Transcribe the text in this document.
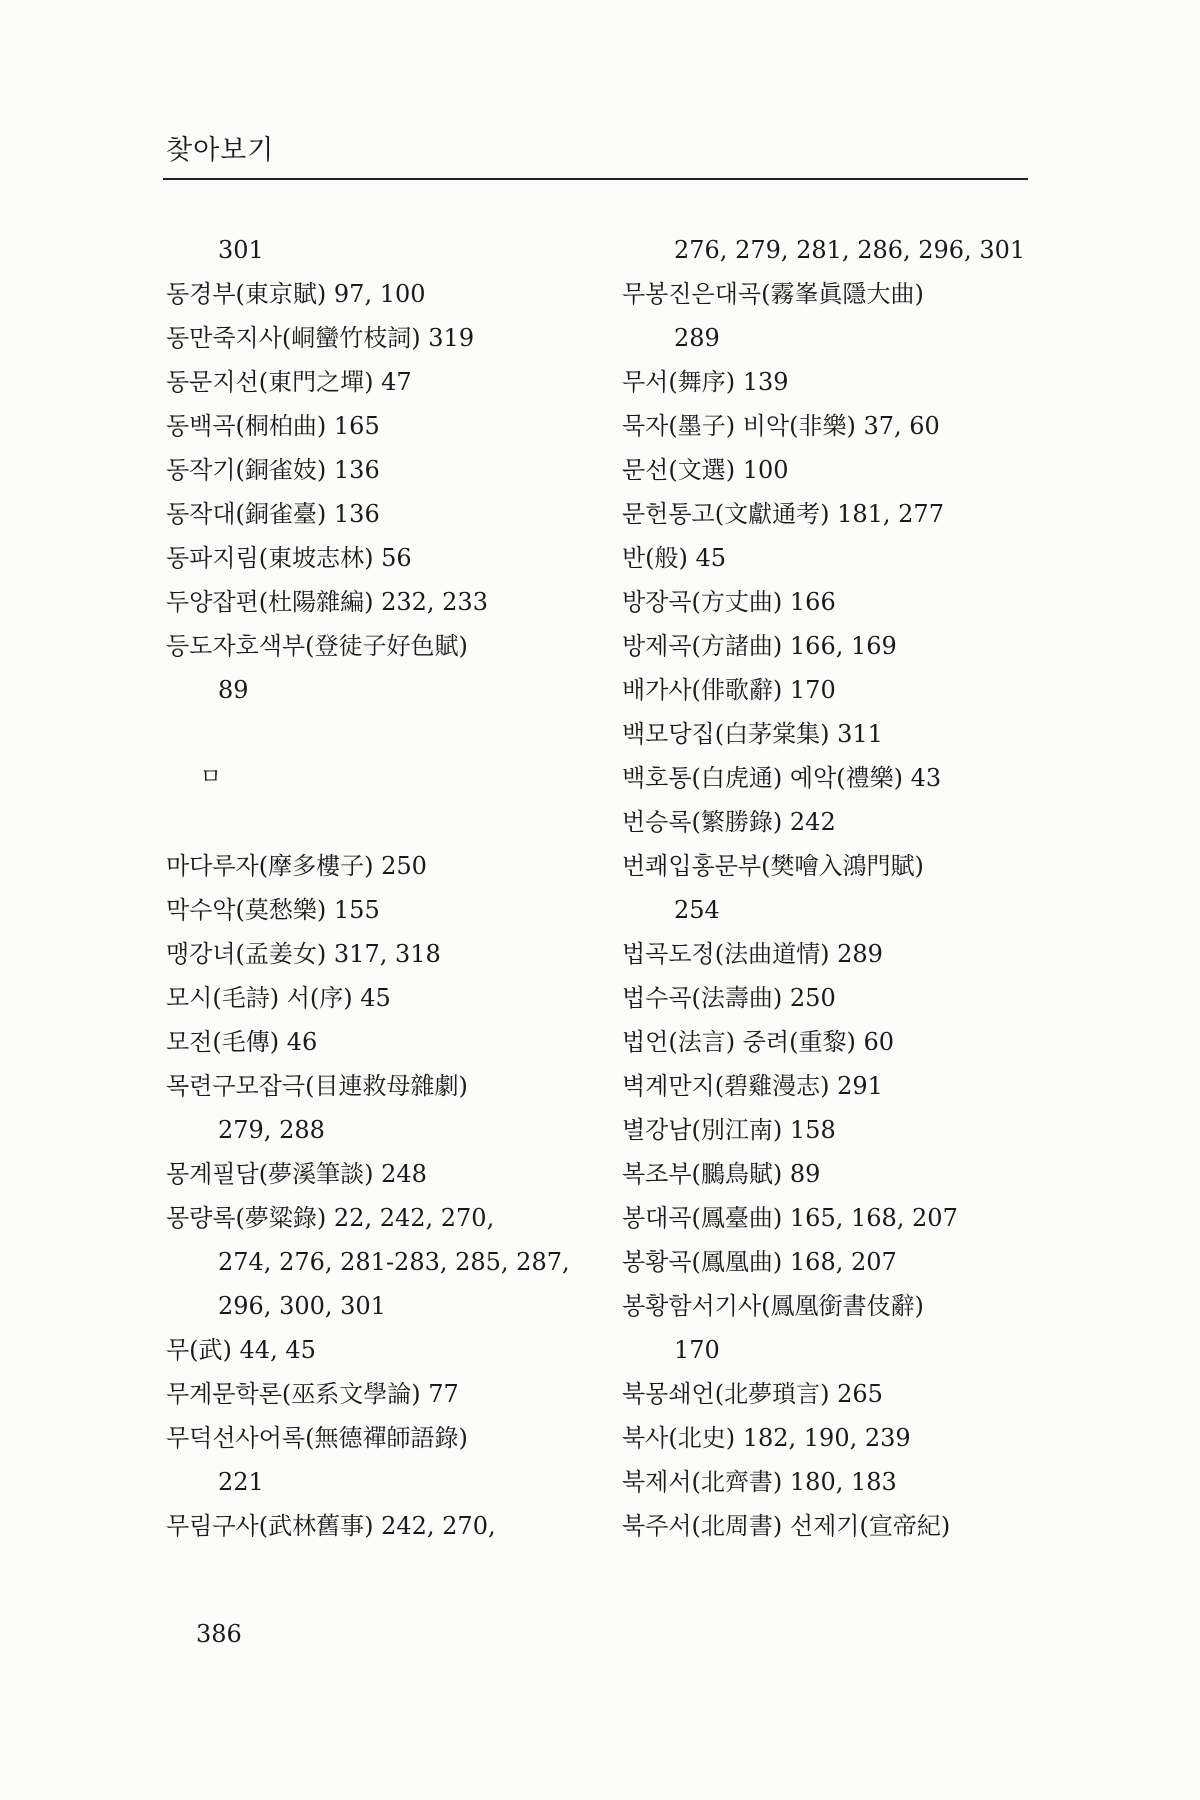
찾아보기
301
동경부(東京賦) 97, 100
동만죽지사(峒蠻竹枝詞) 319
동문지선(東門之墠) 47
동백곡(桐柏曲) 165
동작기(銅雀妓) 136
동작대(銅雀臺) 136
동파지림(東坡志林) 56
두양잡편(杜陽雜編) 232, 233
등도자호색부(登徒子好色賦)
89
ㅁ
마다루자(摩多樓子) 250
막수악(莫愁樂) 155
맹강녀(孟姜女) 317, 318
모시(毛詩) 서(序) 45
모전(毛傳) 46
목련구모잡극(目連救母雜劇)
279, 288
몽계필담(夢溪筆談) 248
몽량록(夢粱錄) 22, 242, 270,
274, 276, 281-283, 285, 287,
296, 300, 301
무(武) 44, 45
무계문학론(巫系文學論) 77
무덕선사어록(無德禪師語錄)
221
무림구사(武林舊事) 242, 270,
276, 279, 281, 286, 296, 301
무봉진은대곡(霧峯眞隱大曲)
289
무서(舞序) 139
묵자(墨子) 비악(非樂) 37, 60
문선(文選) 100
문헌통고(文獻通考) 181, 277
반(般) 45
방장곡(方丈曲) 166
방제곡(方諸曲) 166, 169
배가사(俳歌辭) 170
백모당집(白茅棠集) 311
백호통(白虎通) 예악(禮樂) 43
번승록(繁勝錄) 242
번쾌입홍문부(樊噲入鴻門賦)
254
법곡도정(法曲道情) 289
법수곡(法壽曲) 250
법언(法言) 중려(重黎) 60
벽계만지(碧雞漫志) 291
별강남(別江南) 158
복조부(鵩鳥賦) 89
봉대곡(鳳臺曲) 165, 168, 207
봉황곡(鳳凰曲) 168, 207
봉황함서기사(鳳凰銜書伎辭)
170
북몽쇄언(北夢瑣言) 265
북사(北史) 182, 190, 239
북제서(北齊書) 180, 183
북주서(北周書) 선제기(宣帝紀)
386
